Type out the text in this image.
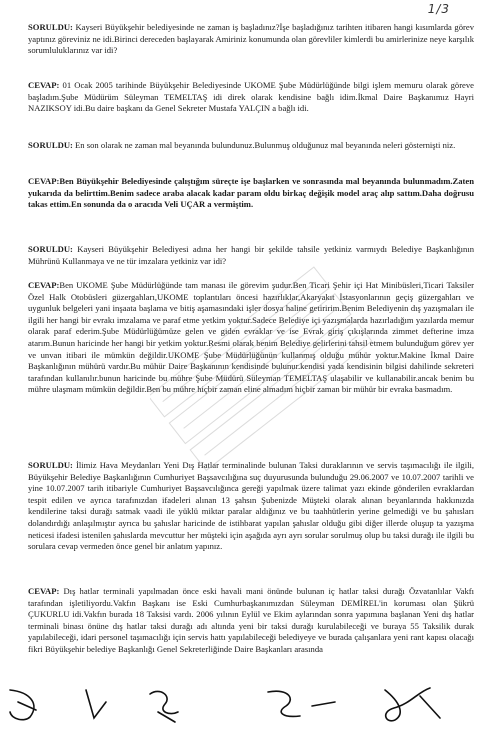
1/3

SORULDU: Kayseri Büyükşehir belediyesinde ne zaman iş başladınız?İşe başladığınız tarihten itibaren hangi kısımlarda görev yaptınız göreviniz ne idi.Birinci dereceden başlayarak Amiriniz konumunda olan görevliler kimlerdi bu amirlerinize neye karşılık sorumluluklarınız var idi?

CEVAP: 01 Ocak 2005 tarihinde Büyükşehir Belediyesinde UKOME Şube Müdürlüğünde bilgi işlem memuru olarak göreve başladım.Şube Müdürüm Süleyman TEMELTAŞ idi direk olarak kendisine bağlı idim.İkmal Daire Başkanımız Hayri NAZIKSOY idi.Bu daire başkanı da Genel Sekreter Mustafa YALÇIN a bağlı idi.

SORULDU: En son olarak ne zaman mal beyanında bulundunuz.Bulunmuş olduğunuz mal beyanında neleri gösternişti niz.

CEVAP:Ben Büyükşehir Belediyesinde çalıştığım süreçte işe başlarken ve sonrasında mal beyanında bulunmadım.Zaten yukarıda da belirttim.Benim sadece araba alacak kadar param oldu birkaç değişik model araç alıp sattım.Daha doğrusu takas ettim.En sonunda da o aracıda Veli UÇAR a vermiştim.

SORULDU: Kayseri Büyükşehir Belediyesi adına her hangi bir şekilde tahsile yetkiniz varmıydı Belediye Başkanlığının Mührünü Kullanmaya ve ne tür imzalara yetkiniz var idi?

CEVAP:Ben UKOME Şube Müdürlüğünde tam manası ile görevim şudur.Ben Ticari Şehir içi Hat Minibüsleri,Ticari Taksiler Özel Halk Otobüsleri güzergahları,UKOME toplantıları öncesi hazırlıklar,Akaryakıt İstasyonlarının geçiş güzergahları ve uygunluk belgeleri yani inşaata başlama ve bitiş aşamasındaki işler dosya haline getiririm.Benim Belediyenin dış yazışmaları ile ilgili her hangi bir evrakı imzalama ve paraf etme yetkim yoktur.Sadece Belediye içi yazışmalarda hazırladığım yazılarda memur olarak paraf ederim.Şube Müdürlüğümüze gelen ve giden evraklar ve ise Evrak giriş çıkışlarında zimmet defterine imza atarım.Bunun haricinde her hangi bir yetkim yoktur.Resmi olarak benim Belediye gelirlerini tahsil etmem bulunduğum görev yer ve unvan itibari ile mümkün değildir.UKOME Şube Müdürlüğünün kullanmış olduğu mühür yoktur.Makine İkmal Daire Başkanlığının mühürü vardır.Bu mühür Daire Başkanının kendisinde bulunur.kendisi yada kendisinin bilgisi dahilinde sekreteri tarafından kullanılır.bunun haricinde bu mühre Şube Müdürü Süleyman TEMELTAŞ ulaşabilir ve kullanabilir.ancak benim bu mühre ulaşmam mümkün değildir.Ben bu mühre hiçbir zaman eline almadım hiçbir zaman bir mühür bir evraka basmadım.

SORULDU: İlimiz Hava Meydanları Yeni Dış Hatlar terminalinde bulunan Taksi duraklarının ve servis taşımacılığı ile ilgili, Büyükşehir Belediye Başkanlığının Cumhuriyet Başsavcılığına suç duyurusunda bulunduğu 29.06.2007 ve 10.07.2007 tarihli ve yine 10.07.2007 tarih itibariyle Cumhuriyet Başsavcılığınca gereği yapılmak üzere talimat yazı ekinde gönderilen evraklardan tespit edilen ve ayrıca tarafınızdan ifadeleri alınan 13 şahsın Şubenizde Müşteki olarak alınan beyanlarında hakkınızda kendilerine taksi durağı satmak vaadi ile yüklü miktar paralar aldığınız ve bu taahhütlerin yerine gelmediği ve bu şahısları dolandırdığı anlaşılmıştır ayrıca bu şahıslar haricinde de istihbarat yapılan şahıslar olduğu gibi diğer illerde oluşup ta yazışma neticesi ifadesi istenilen şahıslarda mevcuttur her müşteki için aşağıda ayrı ayrı sorular sorulmuş olup bu taksi durağı ile ilgili bu sorulara cevap vermeden önce genel bir anlatım yapınız.

CEVAP: Dış hatlar terminali yapılmadan önce eski havali mani önünde bulunan iç hatlar taksi durağı Özvatanlılar Vakfı tarafından işletiliyordu.Vakfın Başkanı ise Eski Cumhurbaşkanımızdan Süleyman DEMİREL'in koruması olan Şükrü ÇUKURLU idi.Vakfın burada 18 Taksisi vardı. 2006 yılının Eylül ve Ekim aylarından sonra yapımına başlanan Yeni dış hatlar terminali binası önüne dış hatlar taksi durağı adı altında yeni bir taksi durağı kurulabileceği ve buraya 55 Taksilik durak yapılabileceği, idari personel taşımacılığı için servis hattı yapılabileceği belediyeye ve burada çalışanlara yeni rant kapısı olacağı fikri Büyükşehir belediye Başkanlığı Genel Sekreterliğinde Daire Başkanları arasında
